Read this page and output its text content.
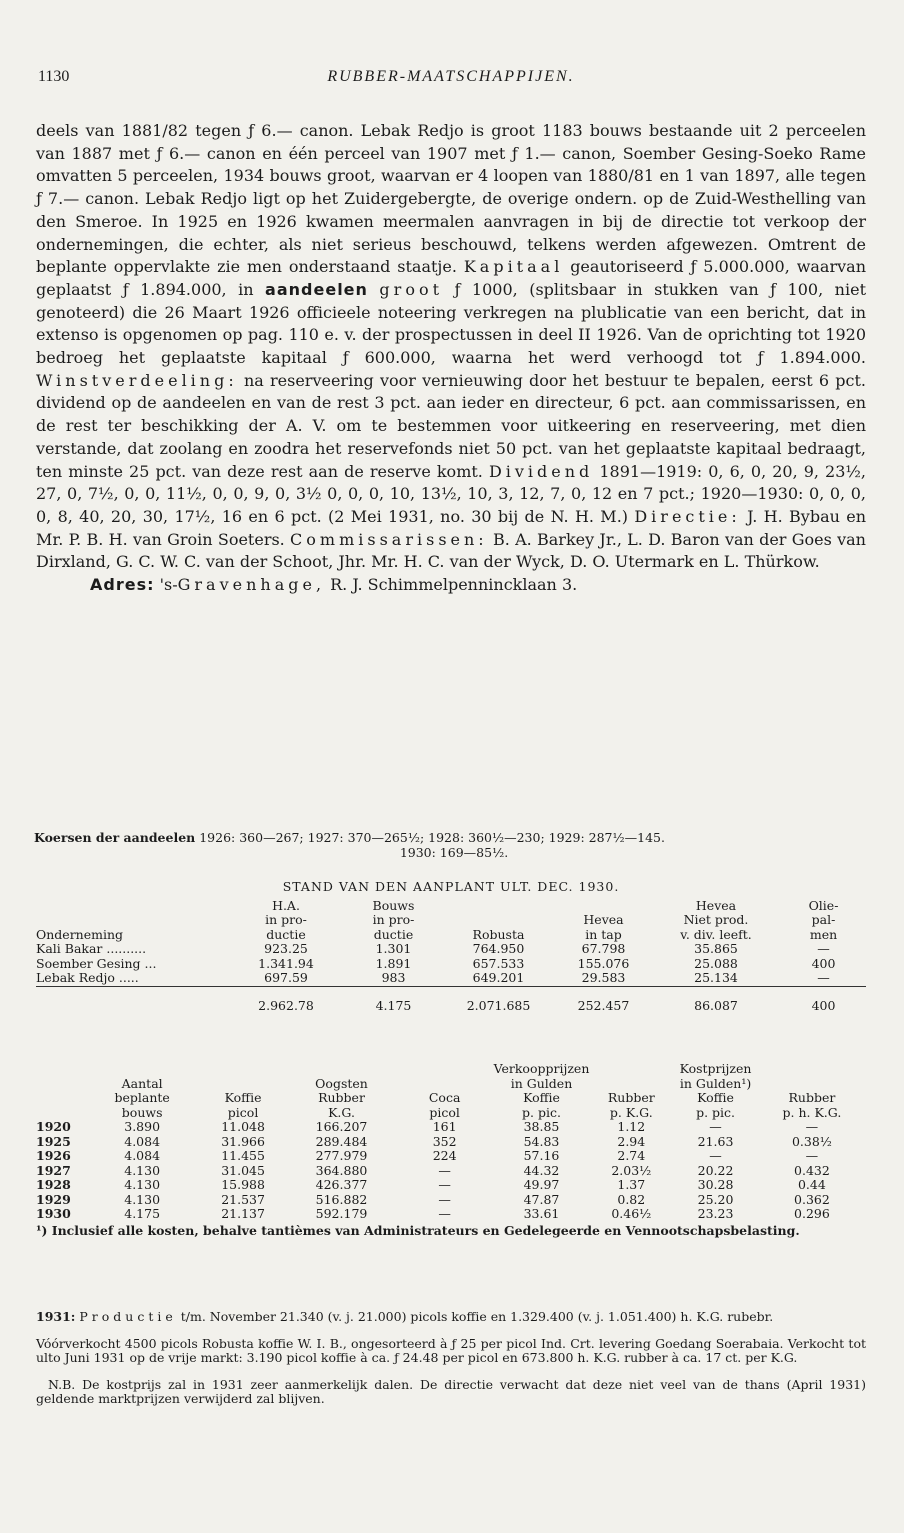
1130	RUBBER-MAATSCHAPPIJEN.
deels van 1881/82 tegen ƒ 6.— canon. Lebak Redjo is groot 1183 bouws bestaande uit 2 perceelen van 1887 met ƒ 6.— canon en één perceel van 1907 met ƒ 1.— canon, Soember Gesing-Soeko Rame omvatten 5 perceelen, 1934 bouws groot, waarvan er 4 loopen van 1880/81 en 1 van 1897, alle tegen ƒ 7.— canon. Lebak Redjo ligt op het Zuidergebergte, de overige ondern. op de Zuid-Westhelling van den Smeroe. In 1925 en 1926 kwamen meermalen aanvragen in bij de directie tot verkoop der ondernemingen, die echter, als niet serieus beschouwd, telkens werden afgewezen. Omtrent de beplante oppervlakte zie men onderstaand staatje. Kapitaal geautoriseerd ƒ 5.000.000, waarvan geplaatst ƒ 1.894.000, in aandeelen groot ƒ 1000, (splitsbaar in stukken van ƒ 100, niet genoteerd) die 26 Maart 1926 officieele noteering verkregen na plublicatie van een bericht, dat in extenso is opgenomen op pag. 110 e. v. der prospectussen in deel II 1926. Van de oprichting tot 1920 bedroeg het geplaatste kapitaal ƒ 600.000, waarna het werd verhoogd tot ƒ 1.894.000. Winstverdeeling: na reserveering voor vernieuwing door het bestuur te bepalen, eerst 6 pct. dividend op de aandeelen en van de rest 3 pct. aan ieder en directeur, 6 pct. aan commissarissen, en de rest ter beschikking der A. V. om te bestemmen voor uitkeering en reserveering, met dien verstande, dat zoolang en zoodra het reservefonds niet 50 pct. van het geplaatste kapitaal bedraagt, ten minste 25 pct. van deze rest aan de reserve komt. Dividend 1891—1919: 0, 6, 0, 20, 9, 23½, 27, 0, 7½, 0, 0, 11½, 0, 0, 9, 0, 3½ 0, 0, 0, 10, 13½, 10, 3, 12, 7, 0, 12 en 7 pct.; 1920—1930: 0, 0, 0, 0, 8, 40, 20, 30, 17½, 16 en 6 pct. (2 Mei 1931, no. 30 bij de N. H. M.) Directie: J. H. Bybau en Mr. P. B. H. van Groin Soeters. Commissarissen: B. A. Barkey Jr., L. D. Baron van der Goes van Dirxland, G. C. W. C. van der Schoot, Jhr. Mr. H. C. van der Wyck, D. O. Utermark en L. Thürkow.
Adres: 's-Gravenhage, R. J. Schimmelpennincklaan 3.
Koersen der aandeelen 1926: 360—267; 1927: 370—265½; 1928: 360½—230; 1929: 287½—145.
1930: 169—85½.
STAND VAN DEN AANPLANT ULT. DEC. 1930.
	H.A.	Bouws			Hevea	Olie-
	in pro-	in pro-		Hevea	Niet prod.	pal-
Onderneming	ductie	ductie	Robusta	in tap	v. div. leeft.	men
Kali Bakar ..........	923.25	1.301	764.950	67.798	35.865	—
Soember Gesing ...	1.341.94	1.891	657.533	155.076	25.088	400
Lebak Redjo .....	697.59	983	649.201	29.583	25.134	—
	2.962.78	4.175	2.071.685	252.457	86.087	400
					Verkoopprijzen		Kostprijzen	
	Aantal		Oogsten		in Gulden		in Gulden¹)	
	beplante	Koffie	Rubber	Coca	Koffie	Rubber	Koffie	Rubber
	bouws	picol	K.G.	picol	p. pic.	p. K.G.	p. pic.	p. h. K.G.
1920	3.890	11.048	166.207	161	38.85	1.12	—	—
1925	4.084	31.966	289.484	352	54.83	2.94	21.63	0.38½
1926	4.084	11.455	277.979	224	57.16	2.74	—	—
1927	4.130	31.045	364.880	—	44.32	2.03½	20.22	0.432
1928	4.130	15.988	426.377	—	49.97	1.37	30.28	0.44
1929	4.130	21.537	516.882	—	47.87	0.82	25.20	0.362
1930	4.175	21.137	592.179	—	33.61	0.46½	23.23	0.296
¹) Inclusief alle kosten, behalve tantièmes van Administrateurs en Gedelegeerde en Vennootschapsbelasting.

1931: Productie t/m. November 21.340 (v. j. 21.000) picols koffie en 1.329.400 (v. j. 1.051.400) h. K.G. rubebr.

Vóórverkocht 4500 picols Robusta koffie W. I. B., ongesorteerd à ƒ 25 per picol Ind. Crt. levering Goedang Soerabaia. Verkocht tot ulto Juni 1931 op de vrije markt: 3.190 picol koffie à ca. ƒ 24.48 per picol en 673.800 h. K.G. rubber à ca. 17 ct. per K.G.

N.B. De kostprijs zal in 1931 zeer aanmerkelijk dalen. De directie verwacht dat deze niet veel van de thans (April 1931) geldende marktprijzen verwijderd zal blijven.
